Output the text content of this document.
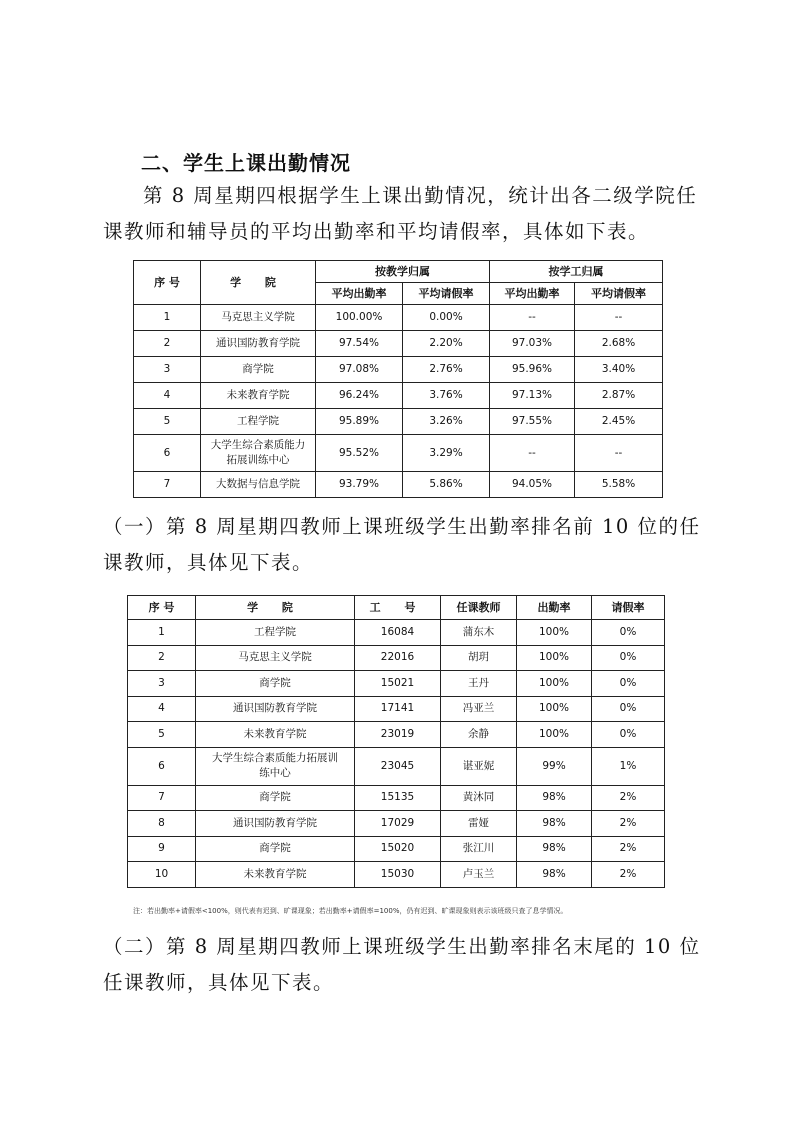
二、学生上课出勤情况

第 8 周星期四根据学生上课出勤情况，统计出各二级学院任课教师和辅导员的平均出勤率和平均请假率，具体如下表。

序 号	学 院	按教学归属		按学工归属	
		平均出勤率	平均请假率	平均出勤率	平均请假率
1	马克思主义学院	100.00%	0.00%	--	--
2	通识国防教育学院	97.54%	2.20%	97.03%	2.68%
3	商学院	97.08%	2.76%	95.96%	3.40%
4	未来教育学院	96.24%	3.76%	97.13%	2.87%
5	工程学院	95.89%	3.26%	97.55%	2.45%
6	大学生综合素质能力
拓展训练中心	95.52%	3.29%	--	--
7	大数据与信息学院	93.79%	5.86%	94.05%	5.58%

（一）第 8 周星期四教师上课班级学生出勤率排名前 10 位的任课教师，具体见下表。

序 号	学 院	工 号	任课教师	出勤率	请假率
1	工程学院	16084	蒲东木	100%	0%
2	马克思主义学院	22016	胡玥	100%	0%
3	商学院	15021	王丹	100%	0%
4	通识国防教育学院	17141	冯亚兰	100%	0%
5	未来教育学院	23019	余静	100%	0%
6	大学生综合素质能力拓展训
练中心	23045	谌亚妮	99%	1%
7	商学院	15135	黄沐同	98%	2%
8	通识国防教育学院	17029	雷娅	98%	2%
9	商学院	15020	张江川	98%	2%
10	未来教育学院	15030	卢玉兰	98%	2%
注：若出勤率+请假率<100%，则代表有迟到、旷课现象；若出勤率+请假率=100%，仍有迟到、旷课现象则表示该班级只查了息学情况。

（二）第 8 周星期四教师上课班级学生出勤率排名末尾的 10 位任课教师，具体见下表。
